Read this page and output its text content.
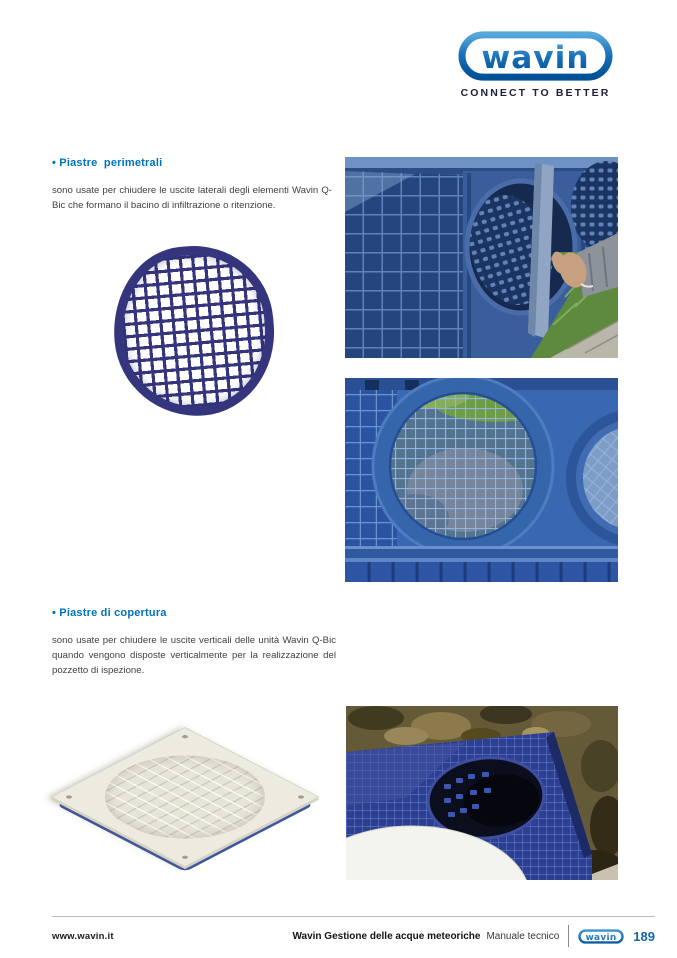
wavin
CONNECT TO BETTER
• Piastre  perimetrali

sono usate per chiudere le uscite laterali degli elementi Wavin Q-Bic che formano il bacino di infiltrazione o ritenzione.

• Piastre di copertura

sono usate per chiudere le uscite verticali delle unità Wavin Q-Bic quando vengono disposte verticalmente per la realizzazione del pozzetto di ispezione.

www.wavin.it	Wavin Gestione delle acque meteoriche Manuale tecnico wavin 189
